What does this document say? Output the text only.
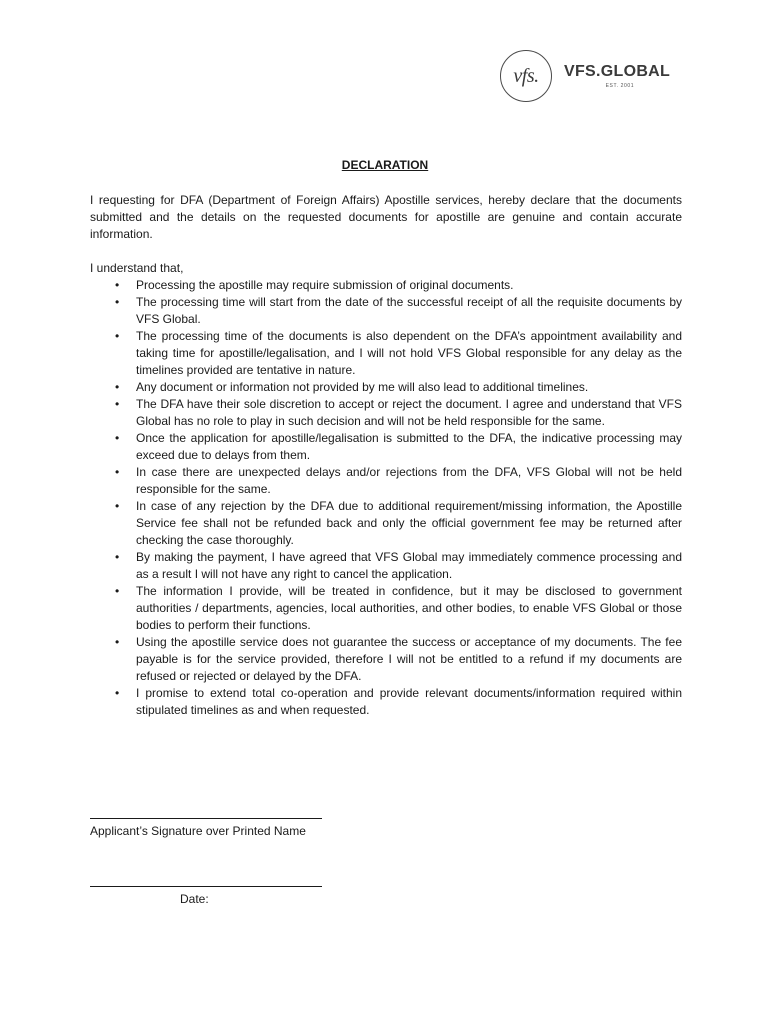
vfs. VFS.GLOBAL
EST. 2001
DECLARATION

I requesting for DFA (Department of Foreign Affairs) Apostille services, hereby declare that the documents submitted and the details on the requested documents for apostille are genuine and contain accurate information.

I understand that,

• Processing the apostille may require submission of original documents.
• The processing time will start from the date of the successful receipt of all the requisite documents by VFS Global.
• The processing time of the documents is also dependent on the DFA’s appointment availability and taking time for apostille/legalisation, and I will not hold VFS Global responsible for any delay as the timelines provided are tentative in nature.
• Any document or information not provided by me will also lead to additional timelines.
• The DFA have their sole discretion to accept or reject the document. I agree and understand that VFS Global has no role to play in such decision and will not be held responsible for the same.
• Once the application for apostille/legalisation is submitted to the DFA, the indicative processing may exceed due to delays from them.
• In case there are unexpected delays and/or rejections from the DFA, VFS Global will not be held responsible for the same.
• In case of any rejection by the DFA due to additional requirement/missing information, the Apostille Service fee shall not be refunded back and only the official government fee may be returned after checking the case thoroughly.
• By making the payment, I have agreed that VFS Global may immediately commence processing and as a result I will not have any right to cancel the application.
• The information I provide, will be treated in confidence, but it may be disclosed to government authorities / departments, agencies, local authorities, and other bodies, to enable VFS Global or those bodies to perform their functions.
• Using the apostille service does not guarantee the success or acceptance of my documents. The fee payable is for the service provided, therefore I will not be entitled to a refund if my documents are refused or rejected or delayed by the DFA.
• I promise to extend total co-operation and provide relevant documents/information required within stipulated timelines as and when requested.
Applicant’s Signature over Printed Name
Date:
